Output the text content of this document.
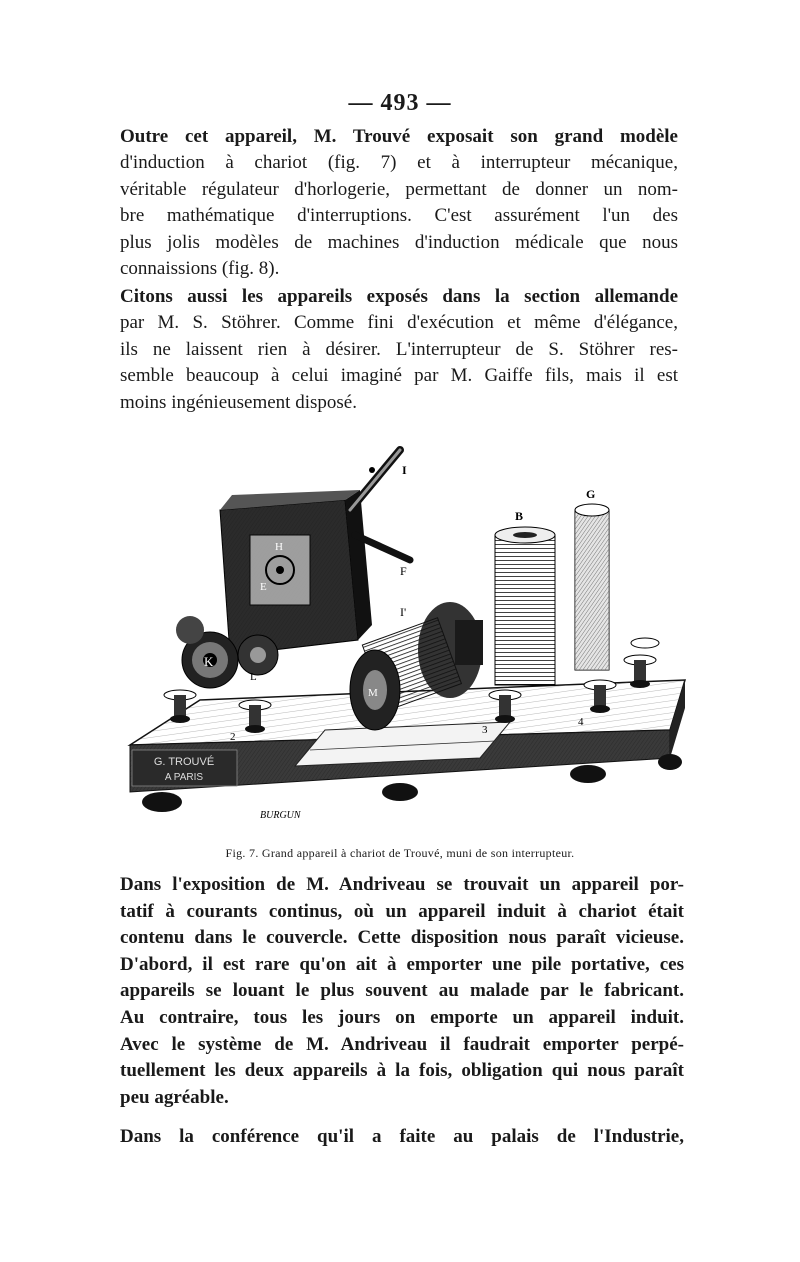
— 493 —

Outre cet appareil, M. Trouvé exposait son grand modèle
d'induction à chariot (fig. 7) et à interrupteur mécanique,
véritable régulateur d'horlogerie, permettant de donner un nom-
bre mathématique d'interruptions. C'est assurément l'un des
plus jolis modèles de machines d'induction médicale que nous
connaissions (fig. 8).

Citons aussi les appareils exposés dans la section allemande
par M. S. Stöhrer. Comme fini d'exécution et même d'élégance,
ils ne laissent rien à désirer. L'interrupteur de S. Stöhrer res-
semble beaucoup à celui imaginé par M. Gaiffe fils, mais il est
moins ingénieusement disposé.

G. TROUVÉ
A PARIS
H
E
F
I
K
L
M
I'
B
G
2
3
4
BURGUN
Fig. 7. Grand appareil à chariot de Trouvé, muni de son interrupteur.

Dans l'exposition de M. Andriveau se trouvait un appareil por-
tatif à courants continus, où un appareil induit à chariot était
contenu dans le couvercle. Cette disposition nous paraît vicieuse.
D'abord, il est rare qu'on ait à emporter une pile portative, ces
appareils se louant le plus souvent au malade par le fabricant.
Au contraire, tous les jours on emporte un appareil induit.
Avec le système de M. Andriveau il faudrait emporter perpé-
tuellement les deux appareils à la fois, obligation qui nous paraît
peu agréable.

Dans la conférence qu'il a faite au palais de l'Industrie,
